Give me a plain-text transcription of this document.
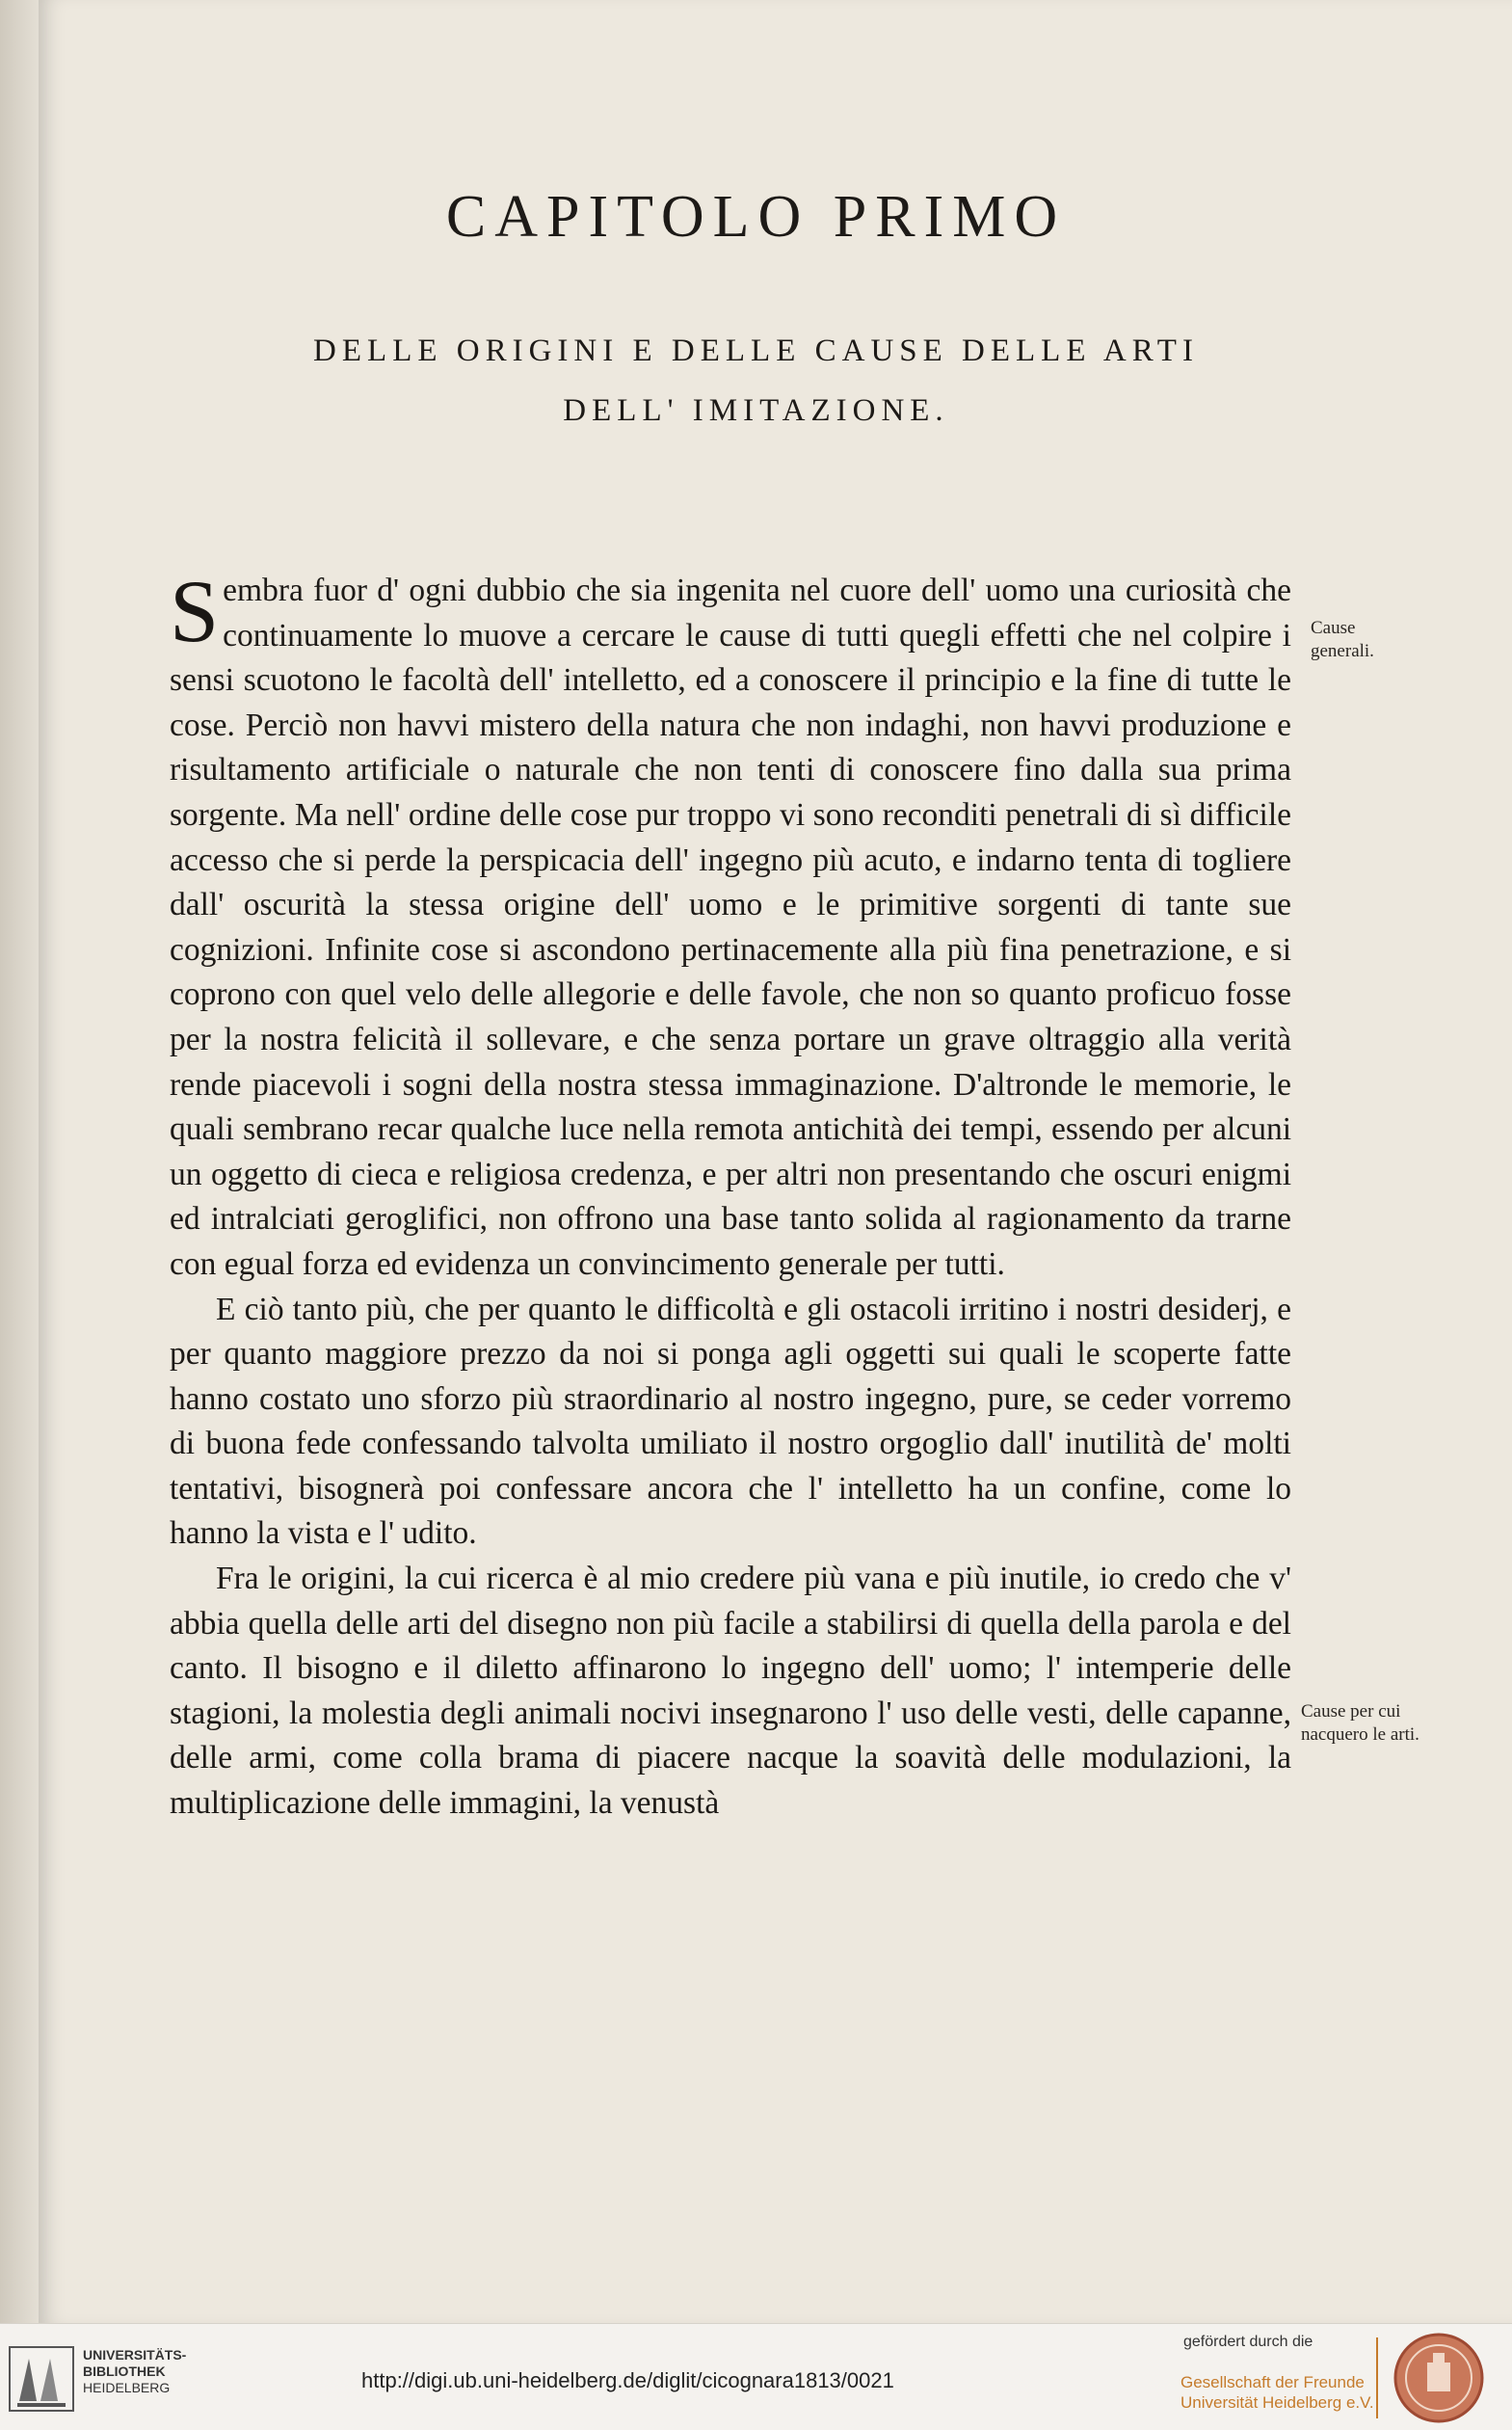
CAPITOLO PRIMO
DELLE ORIGINI E DELLE CAUSE DELLE ARTI
DELL' IMITAZIONE.

Sembra fuor d' ogni dubbio che sia ingenita nel cuore dell' uomo una curiosità che continuamente lo muove a cercare le cause di tutti quegli effetti che nel colpire i sensi scuotono le facoltà dell' intelletto, ed a conoscere il principio e la fine di tutte le cose. Perciò non havvi mistero della natura che non indaghi, non havvi produzione e risultamento artificiale o naturale che non tenti di conoscere fino dalla sua prima sorgente. Ma nell' ordine delle cose pur troppo vi sono reconditi penetrali di sì difficile accesso che si perde la perspicacia dell' ingegno più acuto, e indarno tenta di togliere dall' oscurità la stessa origine dell' uomo e le primitive sorgenti di tante sue cognizioni. Infinite cose si ascondono pertinacemente alla più fina penetrazione, e si coprono con quel velo delle allegorie e delle favole, che non so quanto proficuo fosse per la nostra felicità il sollevare, e che senza portare un grave oltraggio alla verità rende piacevoli i sogni della nostra stessa immaginazione. D'altronde le memorie, le quali sembrano recar qualche luce nella remota antichità dei tempi, essendo per alcuni un oggetto di cieca e religiosa credenza, e per altri non presentando che oscuri enigmi ed intralciati geroglifici, non offrono una base tanto solida al ragionamento da trarne con egual forza ed evidenza un convincimento generale per tutti.

E ciò tanto più, che per quanto le difficoltà e gli ostacoli irritino i nostri desiderj, e per quanto maggiore prezzo da noi si ponga agli oggetti sui quali le scoperte fatte hanno costato uno sforzo più straordinario al nostro ingegno, pure, se ceder vorremo di buona fede confessando talvolta umiliato il nostro orgoglio dall' inutilità de' molti tentativi, bisognerà poi confessare ancora che l' intelletto ha un confine, come lo hanno la vista e l' udito.

Fra le origini, la cui ricerca è al mio credere più vana e più inutile, io credo che v' abbia quella delle arti del disegno non più facile a stabilirsi di quella della parola e del canto. Il bisogno e il diletto affinarono lo ingegno dell' uomo; l' intemperie delle stagioni, la molestia degli animali nocivi insegnarono l' uso delle vesti, delle capanne, delle armi, come colla brama di piacere nacque la soavità delle modulazioni, la multiplicazione delle immagini, la venustà

Cause generali.
Cause per cui nacquero le arti.
UNIVERSITÄTS-
BIBLIOTHEK
HEIDELBERG	http://digi.ub.uni-heidelberg.de/diglit/cicognara1813/0021
gefördert durch die
Gesellschaft der Freunde
Universität Heidelberg e.V.
